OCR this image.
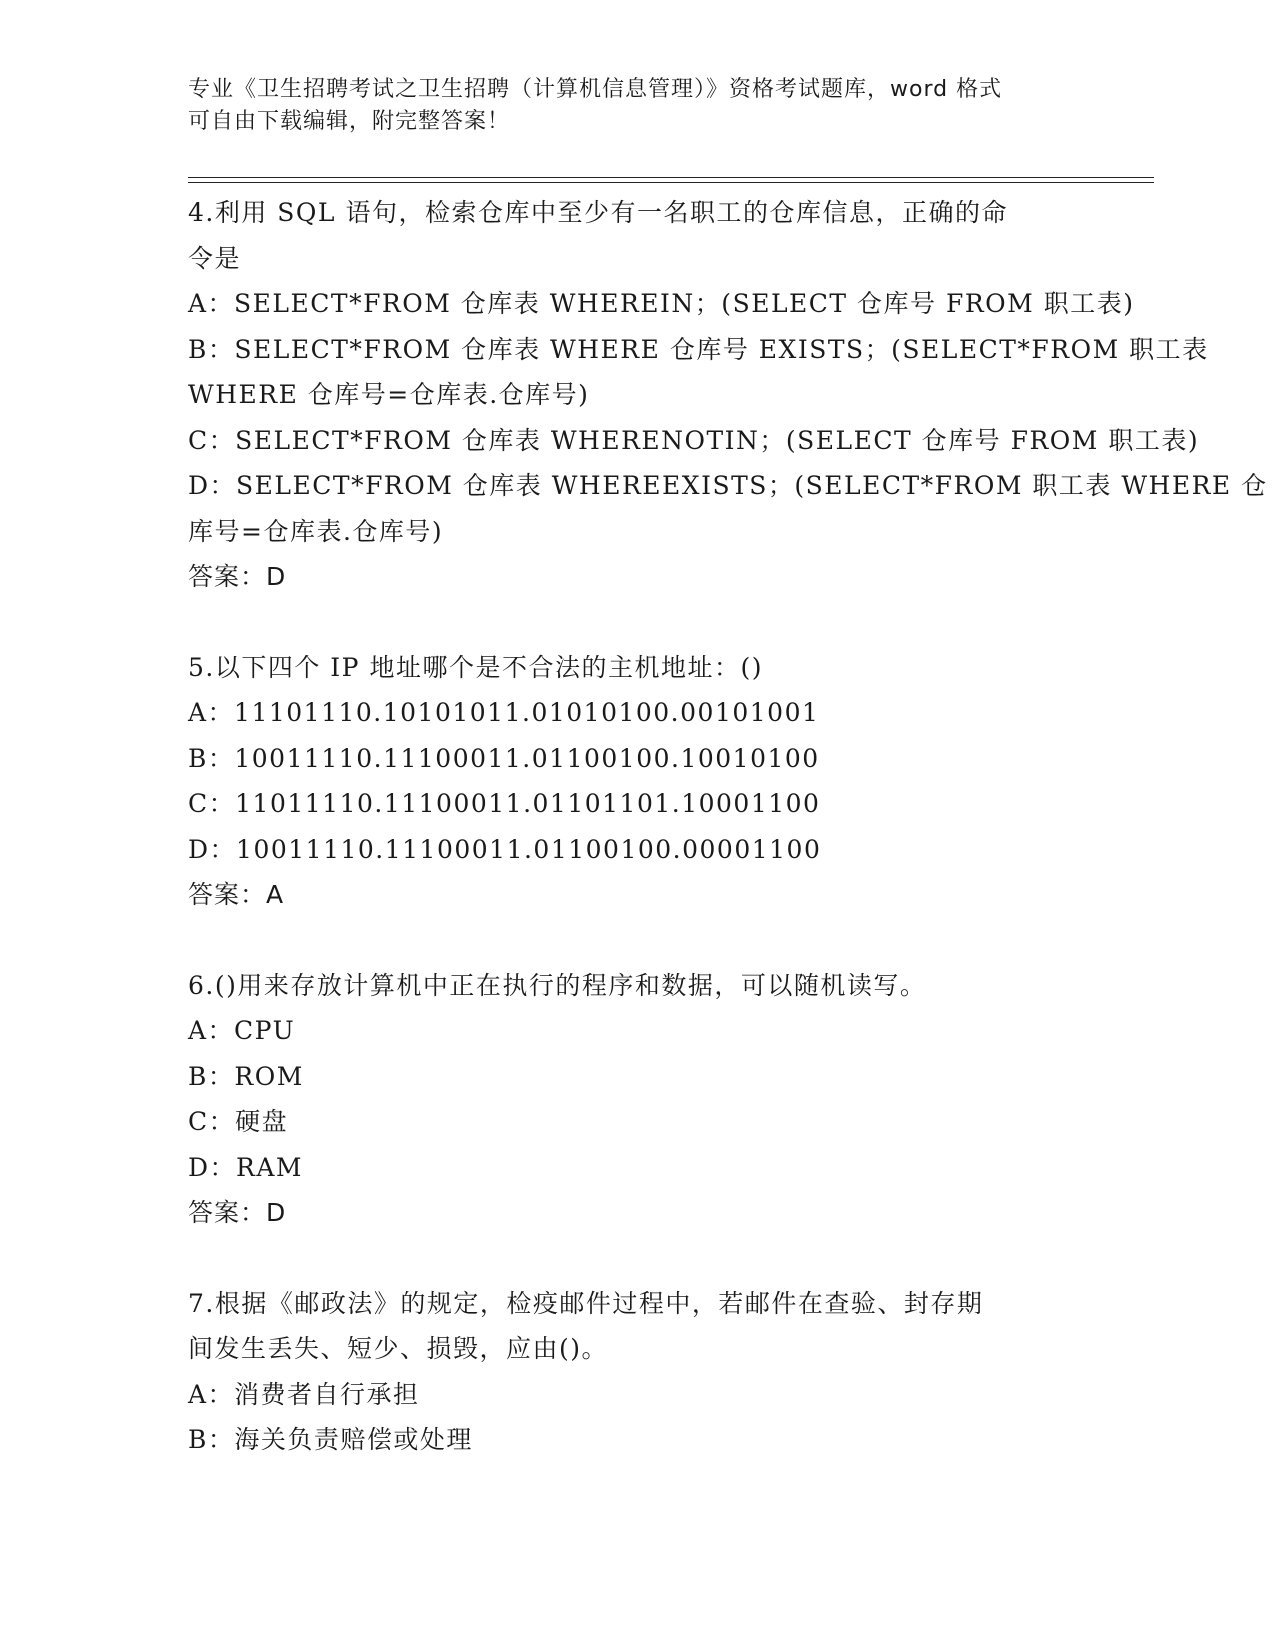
专业《卫生招聘考试之卫生招聘（计算机信息管理）》资格考试题库，word 格式
可自由下载编辑，附完整答案！

4.利用 SQL 语句，检索仓库中至少有一名职工的仓库信息，正确的命

令是

A：SELECT*FROM 仓库表 WHEREIN；(SELECT 仓库号 FROM 职工表)

B：SELECT*FROM 仓库表 WHERE 仓库号 EXISTS；(SELECT*FROM 职工表

WHERE 仓库号=仓库表.仓库号)

C：SELECT*FROM 仓库表 WHERENOTIN；(SELECT 仓库号 FROM 职工表)

D：SELECT*FROM 仓库表 WHEREEXISTS；(SELECT*FROM 职工表 WHERE 仓

库号=仓库表.仓库号)

答案：D

5.以下四个 IP 地址哪个是不合法的主机地址：()

A：11101110.10101011.01010100.00101001

B：10011110.11100011.01100100.10010100

C：11011110.11100011.01101101.10001100

D：10011110.11100011.01100100.00001100

答案：A

6.()用来存放计算机中正在执行的程序和数据，可以随机读写。

A：CPU

B：ROM

C：硬盘

D：RAM

答案：D

7.根据《邮政法》的规定，检疫邮件过程中，若邮件在查验、封存期

间发生丢失、短少、损毁，应由()。

A：消费者自行承担

B：海关负责赔偿或处理
